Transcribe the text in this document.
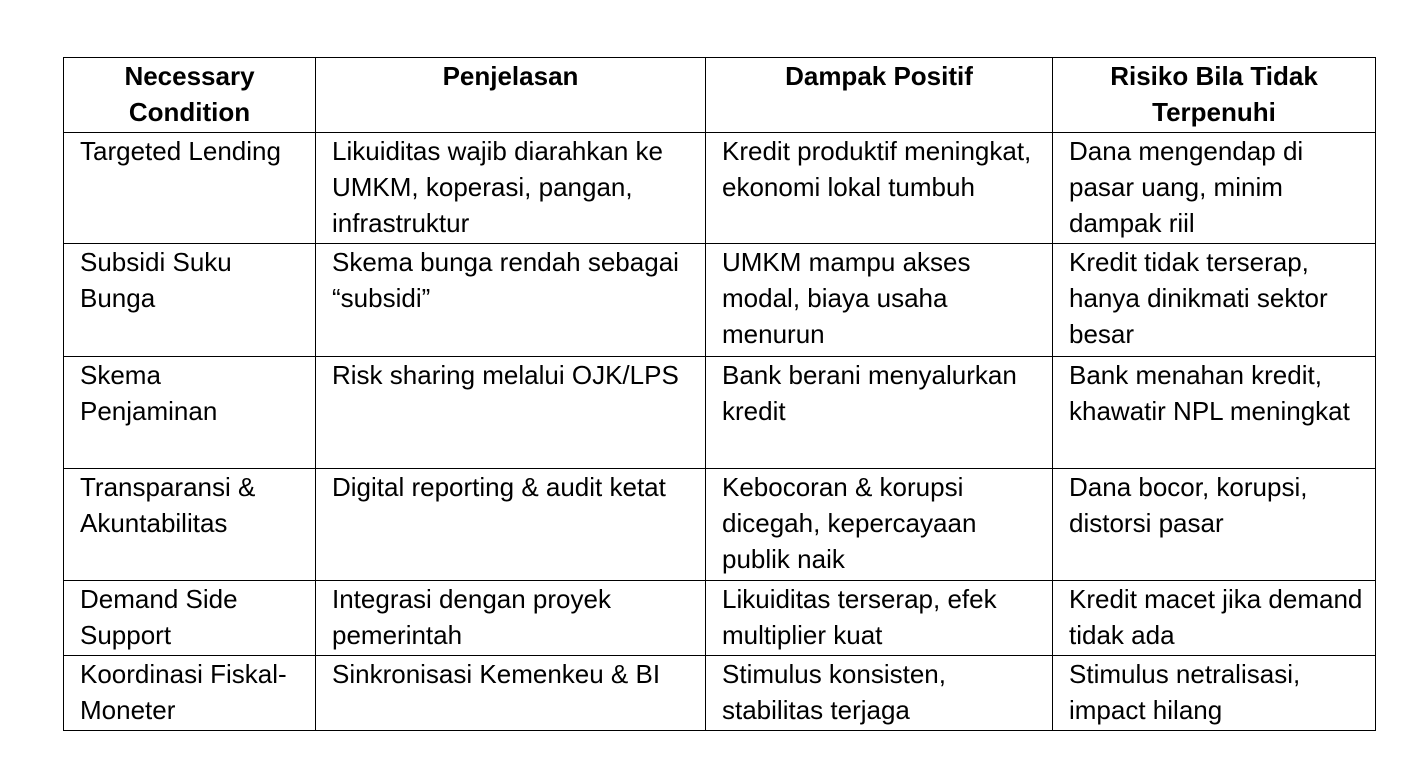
Necessary Condition	Penjelasan	Dampak Positif	Risiko Bila Tidak Terpenuhi
Targeted Lending	Likuiditas wajib diarahkan ke UMKM, koperasi, pangan, infrastruktur	Kredit produktif meningkat, ekonomi lokal tumbuh	Dana mengendap di pasar uang, minim dampak riil
Subsidi Suku Bunga	Skema bunga rendah sebagai “subsidi”	UMKM mampu akses modal, biaya usaha menurun	Kredit tidak terserap, hanya dinikmati sektor besar
Skema Penjaminan	Risk sharing melalui OJK/LPS	Bank berani menyalurkan kredit	Bank menahan kredit, khawatir NPL meningkat
Transparansi & Akuntabilitas	Digital reporting & audit ketat	Kebocoran & korupsi dicegah, kepercayaan publik naik	Dana bocor, korupsi, distorsi pasar
Demand Side Support	Integrasi dengan proyek pemerintah	Likuiditas terserap, efek multiplier kuat	Kredit macet jika demand tidak ada
Koordinasi Fiskal-Moneter	Sinkronisasi Kemenkeu & BI	Stimulus konsisten, stabilitas terjaga	Stimulus netralisasi, impact hilang
